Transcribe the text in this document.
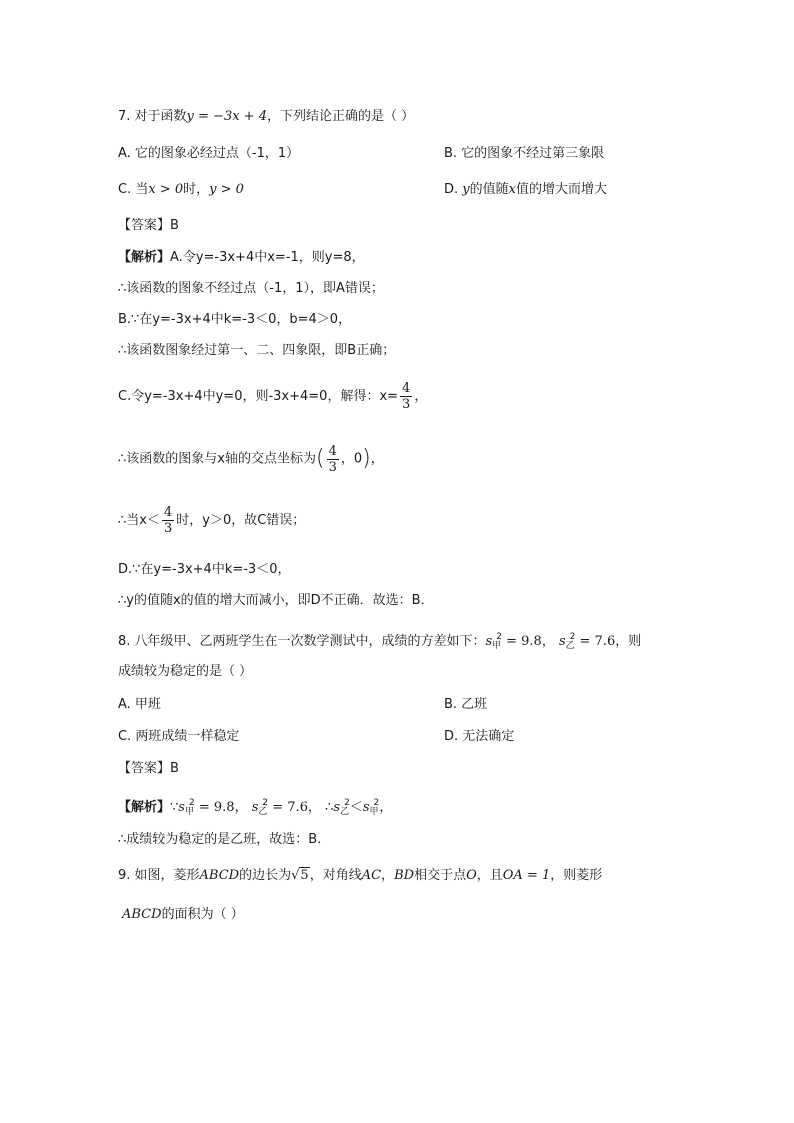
7. 对于函数y = −3x + 4，下列结论正确的是（ ）
A. 它的图象必经过点（-1，1）	B. 它的图象不经过第三象限
C. 当x > 0时，y > 0	D. y的值随x值的增大而增大
【答案】B
【解析】A.令y=-3x+4中x=-1，则y=8，
∴该函数的图象不经过点（-1，1），即A错误；
B.∵在y=-3x+4中k=-3＜0，b=4＞0，
∴该函数图象经过第一、二、四象限，即B正确；
C.令y=-3x+4中y=0，则-3x+4=0，解得：$x= \frac{4}{3}$ ，
∴该函数的图象与x轴的交点坐标为( $\frac{4}{3}$ ，0)，
∴当$x< \frac{4}{3}$ 时，y＞0，故C错误；
D.∵在y=-3x+4中k=-3＜0，
∴y的值随x的值的增大而减小，即D不正确．故选：B．
8. 八年级甲、乙两班学生在一次数学测试中，成绩的方差如下：$s_甲^2 = 9.8$， $s_乙^2 = 7.6$，则
成绩较为稳定的是（ ）
A. 甲班	B. 乙班
C. 两班成绩一样稳定	D. 无法确定
【答案】B
【解析】$\because s_甲^2 = 9.8$， $s_乙^2 = 7.6$， $\therefore s_乙^2<s_甲^2$，
∴成绩较为稳定的是乙班，故选：B．
9. 如图，菱形ABCD的边长为√5，对角线AC，BD相交于点O，且OA = 1，则菱形
ABCD的面积为（ ）
